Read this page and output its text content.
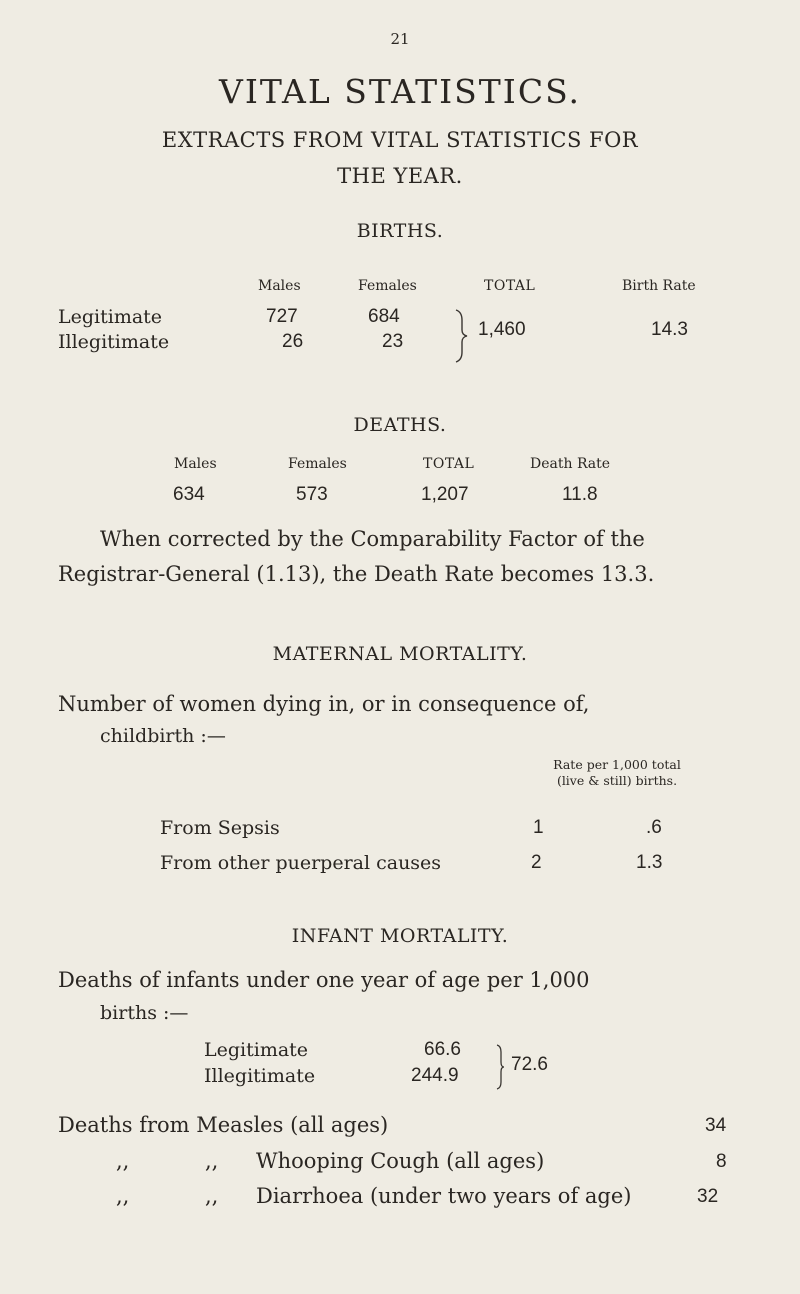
21
VITAL STATISTICS.
EXTRACTS FROM VITAL STATISTICS FOR
THE YEAR.
BIRTHS.
Males	Females	TOTAL	Birth Rate
Legitimate	727	684
Illegitimate	26	23
1,460	14.3
DEATHS.
Males	Females	TOTAL	Death Rate
634	573	1,207	11.8
When corrected by the Comparability Factor of the
Registrar-General (1.13), the Death Rate becomes 13.3.
MATERNAL MORTALITY.
Number of women dying in, or in consequence of,
childbirth :—
Rate per 1,000 total (live & still) births.
From Sepsis	1	.6
From other puerperal causes	2	1.3
INFANT MORTALITY.
Deaths of infants under one year of age per 1,000
births :—
Legitimate	66.6
Illegitimate	244.9
72.6
Deaths from Measles (all ages)	34
,,	,, Whooping Cough (all ages)	8
,,	,, Diarrhoea (under two years of age)	32
